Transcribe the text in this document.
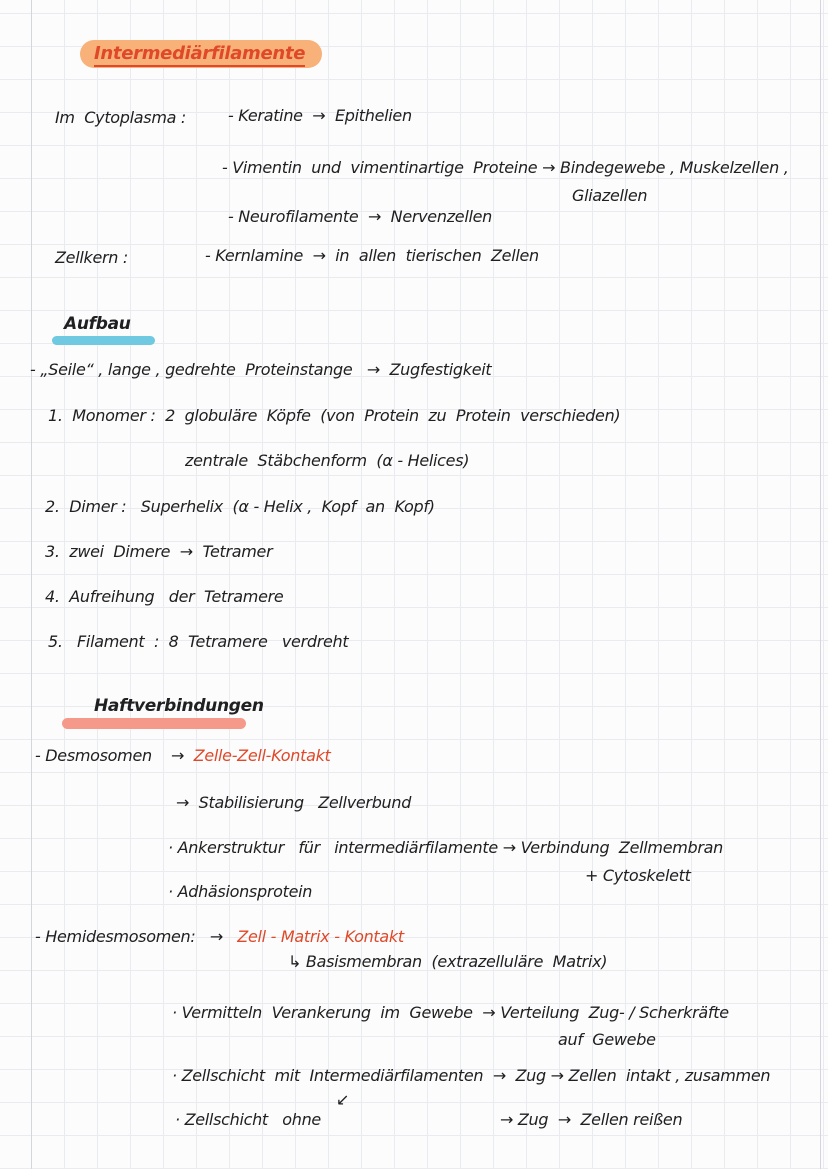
Intermediärfilamente
Im  Cytoplasma :	- Keratine  →  Epithelien
- Vimentin  und  vimentinartige  Proteine → Bindegewebe , Muskelzellen ,
Gliazellen
- Neurofilamente  →  Nervenzellen
Zellkern :	- Kernlamine  →  in  allen  tierischen  Zellen
Aufbau
- „Seile“ , lange , gedrehte  Proteinstange   →  Zugfestigkeit
1.  Monomer :  2  globuläre  Köpfe  (von  Protein  zu  Protein  verschieden)
zentrale  Stäbchenform  (α - Helices)
2.  Dimer :   Superhelix  (α - Helix ,  Kopf  an  Kopf)
3.  zwei  Dimere  →  Tetramer
4.  Aufreihung   der  Tetramere
5.   Filament  :  8  Tetramere   verdreht
Haftverbindungen
- Desmosomen    →  Zelle-Zell-Kontakt
→  Stabilisierung   Zellverbund
· Ankerstruktur   für   intermediärfilamente → Verbindung  Zellmembran
+ Cytoskelett
· Adhäsionsprotein
- Hemidesmosomen:   →   Zell - Matrix - Kontakt
↳ Basismembran  (extrazelluläre  Matrix)
· Vermitteln  Verankerung  im  Gewebe  → Verteilung  Zug- / Scherkräfte
auf  Gewebe
· Zellschicht  mit  Intermediärfilamenten  →  Zug → Zellen  intakt , zusammen
↙
· Zellschicht   ohne	→ Zug  →  Zellen reißen
